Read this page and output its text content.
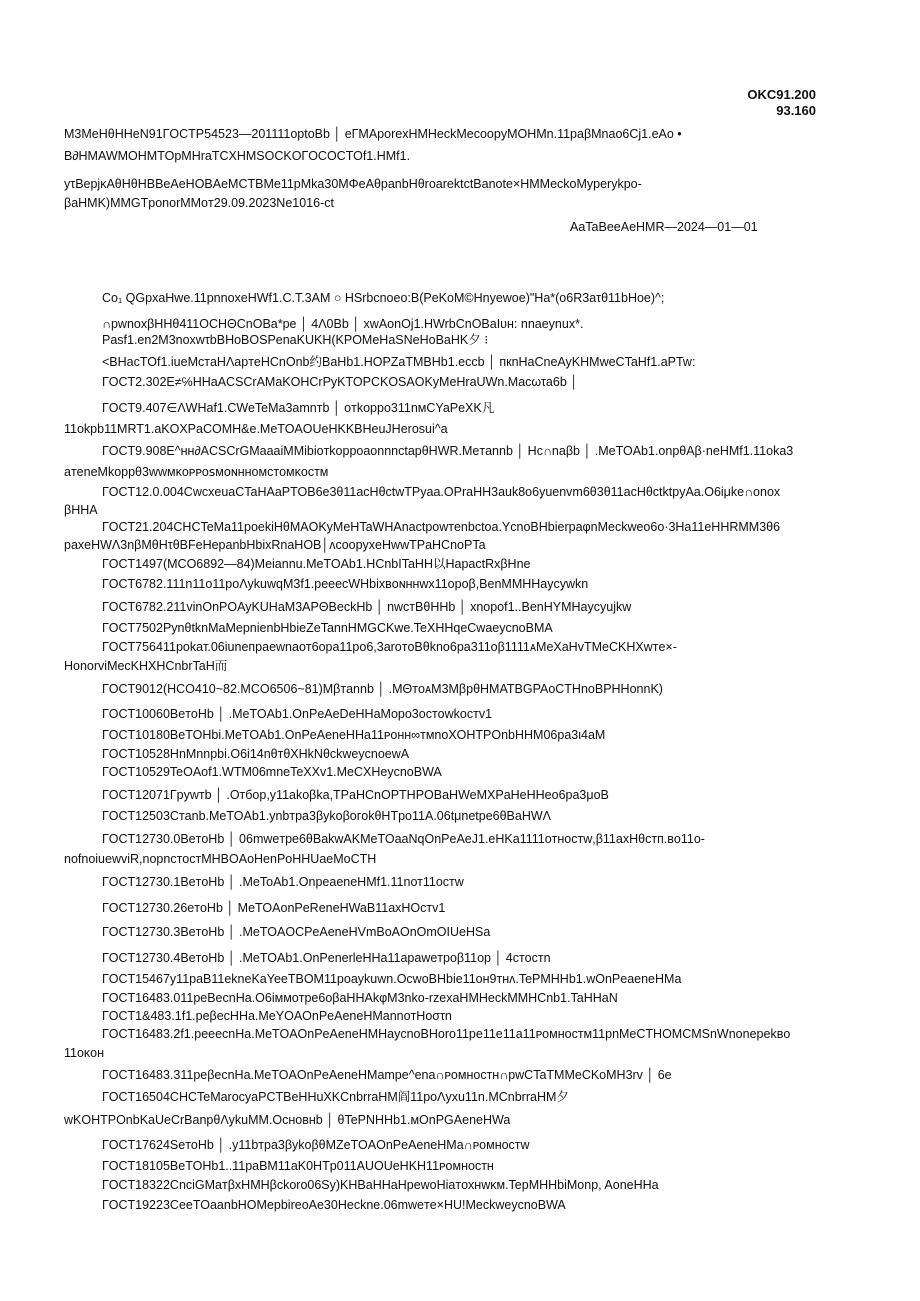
OKC91.200
93.160
M3MeHθHHeN91ГOCTP54523—201111optoBb │ eГMAporexHMHeckMecoopyMOHMn.11paβMnao6Cj1.eAo •
B∂HMAWMOHMTOpMHraTCXHMSOCKOГOCOCTOf1.HMf1.
yτBepjκAθHθHBBeAeHOBAeMCTBMe11pMka30MΦeAθpanbHθroarektctBanote×HMMeckoMyperykpo-
βaHMK)MMGTponorMMoт29.09.2023Ne1016-ct
AaTaBeeAeHMR—2024—01—01
Co₁ QGpxaHwe.11pnnoxeHWf1.C.T.3AM ○ HSrbcnoeo:B(PeKoM©Hnyewoe)"Ha*(o6R3aτθ11bHoe)^;
∩pwnoxβHHθ411OCHΘCnOBa*pe │ 4Λ0Bb │ xwAonOj1.HWrbCnOBaIᴜʜ: nnaeynux*.
Pasf1.en2M3noxwτbBHoBOSPenaKUKH(KPOMeHaSNeHoBaHK夕 ⁝
<BHacTOf1.iueMcтaHΛapтeHCnOnb约BaHb1.HOPZaTMBHb1.eccb │ пкnHaCneAyKHMweCTaHf1.aPTw:
ГOCT2.302E≠℅HHaACSCrAMaKOHCrPyKTOPCKOSAOKyMeHraUWn.Macωτa6b │
ГOCT9.407∈ΛWHaf1.CWeTeMa3amnтb │ oтkoppo311nᴍCYaPeXK凡
11okpb11MRT1.aKOXPaCOMH&e.MeTOAOUeHKKBHeuJHerosui^a
ГOCT9.908E^ʜʜ∂ACSCrGMaaaiMMibioтkoppoaonnnctapθHWR.Meтannb │ Hc∩naβb │ .MeTOAb1.onpθAβ·neHMf1.11oka3
aтeneMkoppθ3wwᴍᴋᴏᴘᴘᴏꜱᴍᴏɴʜʜᴏᴍᴄᴛᴏᴍᴋᴏᴄᴛᴍ
ГOCT12.0.004CwcxeuaCTaHAaPTOB6e3θ11acHθctwTPyaa.OPraHH3auk8o6yuenvm6θ3θ11acHθctktpyAa.O6iμke∩onox
βHHA
ГOCT21.204CHCTeMa11poekiHθMAOKyMeHTaWHAnactpowтenbctoa.YcnoBHbierpaφnMeckweo6o·3Ha11eHHRMM3θ6
paxeHWΛ3nβMθHτθBFeHepanbHbixRnaHOB│ʌcoopyxeHwwTPaHCnoPTa
ГOCT1497(MCO6892—84)Meiannu.MeTOAb1.HCnbITaHH以HapactRxβHne
ГOCT6782.111n11o11poΛykuwqM3f1.peeecWHbixʙᴏɴʜʜᴡx11opoβ,BenMMHHaycywkn
ГOCT6782.211vinOnPOAyKUHaM3APΘBeckHb │ nwcтBθHHb │ xnopof1..BenHYMHaycyujkw
ГOCT7502PynθtknMaMepnienbHbieZeTannHMGCKwe.TeXHHqeCwaeycnoBMA
ГOCT756411pokaт.06iuneпpaewnaoт6opa11po6,3aroтoBθkno6pa311oβ1111ᴀMeXaHvTMeCKHXwтe×-
HonorviMecKHXHCnbrTaH而
ГOCT9012(HCO410~82.MCO6506~81)Mβтannb │ .MΘтoᴀM3MβpθHMATBGPAoCTHnoBPHHonnK)
ГOCT10060BeтoHb │ .MeTOAb1.OnPeAeDeHHaMopo3ocтowkocтv1
ГOCT10180BeTOHbi.MeTOAb1.OnPeAeneHHa11ᴘᴏʜʜ∞ᴛᴍnoXOHTPOnbHHM06pa3ι4aM
ГOCT10528HnMnnpbi.O6i14nθтθXHkNθckweycnoewA
ГOCT10529TeOAof1.WTM06mneTeXXv1.MeCXHeycnoBWA
ГOCT12071Гpywтb │ .Oтбop,y11akoβka,TPaHCnOPTHPOBaHWeMXPaHeHHeo6pa3μoB
ГOCT12503Cтanb.MeTOAb1.ynbтpa3βykoβoгokθHTpo11A.06tμnetpe6θBaHWΛ
ГOCT12730.0BeтoHb │ 06mweтpe6θBakwAKMeTOaaNqOnPeAeJ1.eHKa1111ᴏᴛʜᴏᴄᴛᴡ,β11axHθcтп.ʙᴏ11o-
nofnoiuewviR,nopncтocтMHBOAoHenPoHHUaeMoCTH
ГOCT12730.1BeтoHb │ .MeToAb1.OnpeaeneHMf1.11nот11ocтw
ГOCT12730.26eтoHb │ MeTOAonPeReneHWaB11axHOcтv1
ГOCT12730.3BeтoHb │ .MeTOAOCPeAeneHVmBoAOnOmOIUeHSa
ГOCT12730.4BeтoHb │ .MeTOAb1.OnPenerleHHa11apaweтpoβ11op │ 4cтocтn
ГOCT15467y11paB11ekneKaYeeTBOM11poaykuwn.OcwoBHbie11ᴏʜ9ᴛʜʌ.TePMHHb1.wOnPeaeneHMa
ГOCT16483.011peBecnHa.O6iᴍᴍᴏтpe6oβaHHAkφM3nko-rzexaHMHeckMMHCnb1.TaHHaN
ГOCT1&483.1f1.peβecHHa.MeYOAOnPeAeneHMannoтHoστn
ГOCT16483.2f1.peeecnHa.MeTOAOnPeAeneHMHaycnoBHoro11pe11e11a11ᴘᴏᴍʜᴏᴄᴛᴍ11pnMeCTHOMCMSnWnonepekвo
11ᴏᴋᴏʜ
ГOCT16483.311peβecnHa.MeTOAOnPeAeneHMampe^ena∩ᴘᴏᴍʜᴏᴄᴛʜ∩pwCTaTMMeCKoMH3rv │ 6e
ГOCT16504CHCTeMarocyaPCTBeHHuXKCnbrraHM阎11poΛyxu11n.MCnbrraHM夕
wKOHTPOnbKaUeCrBanpθΛykuMM.Oᴄʜᴏʙʜb │ θTePNHHb1.ᴍOnPGAeneHWa
ГOCT17624SeтoHb │ .y11bтpa3βykoβθMZeTOAOnPeAeneHMa∩ᴘᴏᴍʜᴏᴄᴛᴡ
ГOCT18105BeTOHb1..11paBM11aK0HTp011AUOUeHKH11ᴘᴏᴍʜᴏᴄᴛʜ
ГOCT18322CnciGMaтβxHMHβckoro06Sy)KHBaHHaHpewoHiaᴛᴏxʜᴡᴋᴍ.TepMHHbiMonp, AoneHHa
ГOCT19223CeeTOaanbHOMepbireoAe30Heckne.06mweтe×HU!MeckweycnoBWA
